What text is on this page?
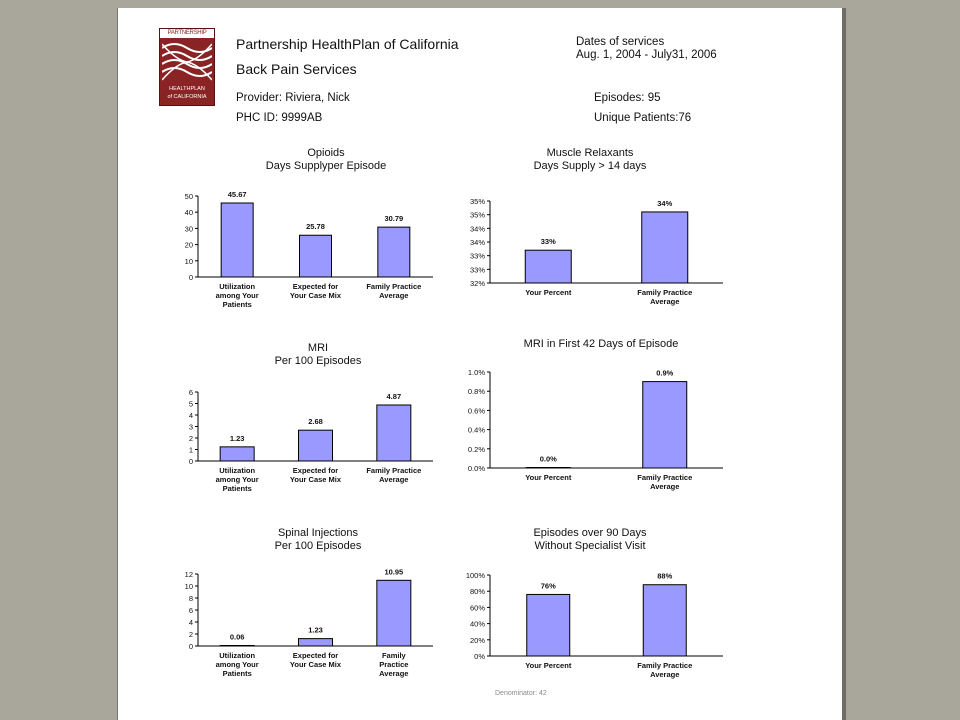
PARTNERSHIP
HEALTHPLAN
of CALIFORNIA
Partnership HealthPlan of California
Back Pain Services
Provider: Riviera, Nick
PHC ID: 9999AB
Dates of services
Aug. 1, 2004 - July31, 2006
Episodes: 95
Unique Patients:76
Opioids
Days Supplyper Episode
Muscle Relaxants
Days Supply > 14 days
MRI
Per 100 Episodes
MRI in First 42 Days of Episode
Spinal Injections
Per 100 Episodes
Episodes over 90 Days
Without Specialist Visit
0
10
20
30
40
50	45.67
Utilization
among Your
Patients
25.78
Expected for
Your Case Mix
30.79
Family Practice
Average
32%
33%
33%
34%
34%
35%
35%
33%
Your Percent
34%
Family Practice
Average
0
1
2
3
4
5
6
1.23
Utilization
among Your
Patients
2.68
Expected for
Your Case Mix
4.87
Family Practice
Average
0.0%
0.2%
0.4%
0.6%
0.8%
1.0%
0.0%
Your Percent
0.9%
Family Practice
Average
0
2
4
6
8
10
12
0.06
Utilization
among Your
Patients
1.23
Expected for
Your Case Mix
10.95
Family
Practice
Average
0%
20%
40%
60%
80%
100%
76%
Your Percent
88%
Family Practice
Average
Denominator: 42
